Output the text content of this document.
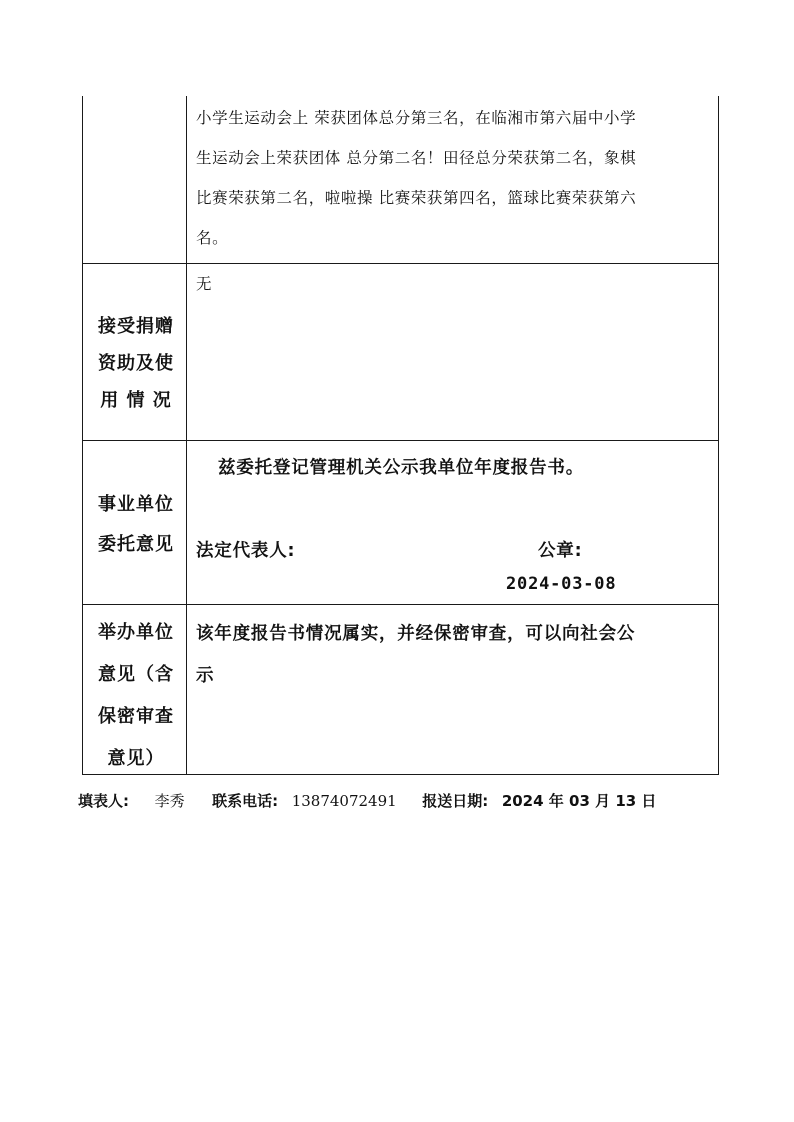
小学生运动会上 荣获团体总分第三名，在临湘市第六届中小学
生运动会上荣获团体 总分第二名！田径总分荣获第二名，象棋
比赛荣获第二名，啦啦操 比赛荣获第四名，篮球比赛荣获第六
名。
接受捐赠
资助及使
用 情 况
无
事业单位
委托意见
兹委托登记管理机关公示我单位年度报告书。
法定代表人:	公章:
2024-03-08
举办单位
意见（含
保密审查
意见）
该年度报告书情况属实，并经保密审查，可以向社会公
示
填表人: 李秀 联系电话: 13874072491 报送日期: 2024 年 03 月 13 日
